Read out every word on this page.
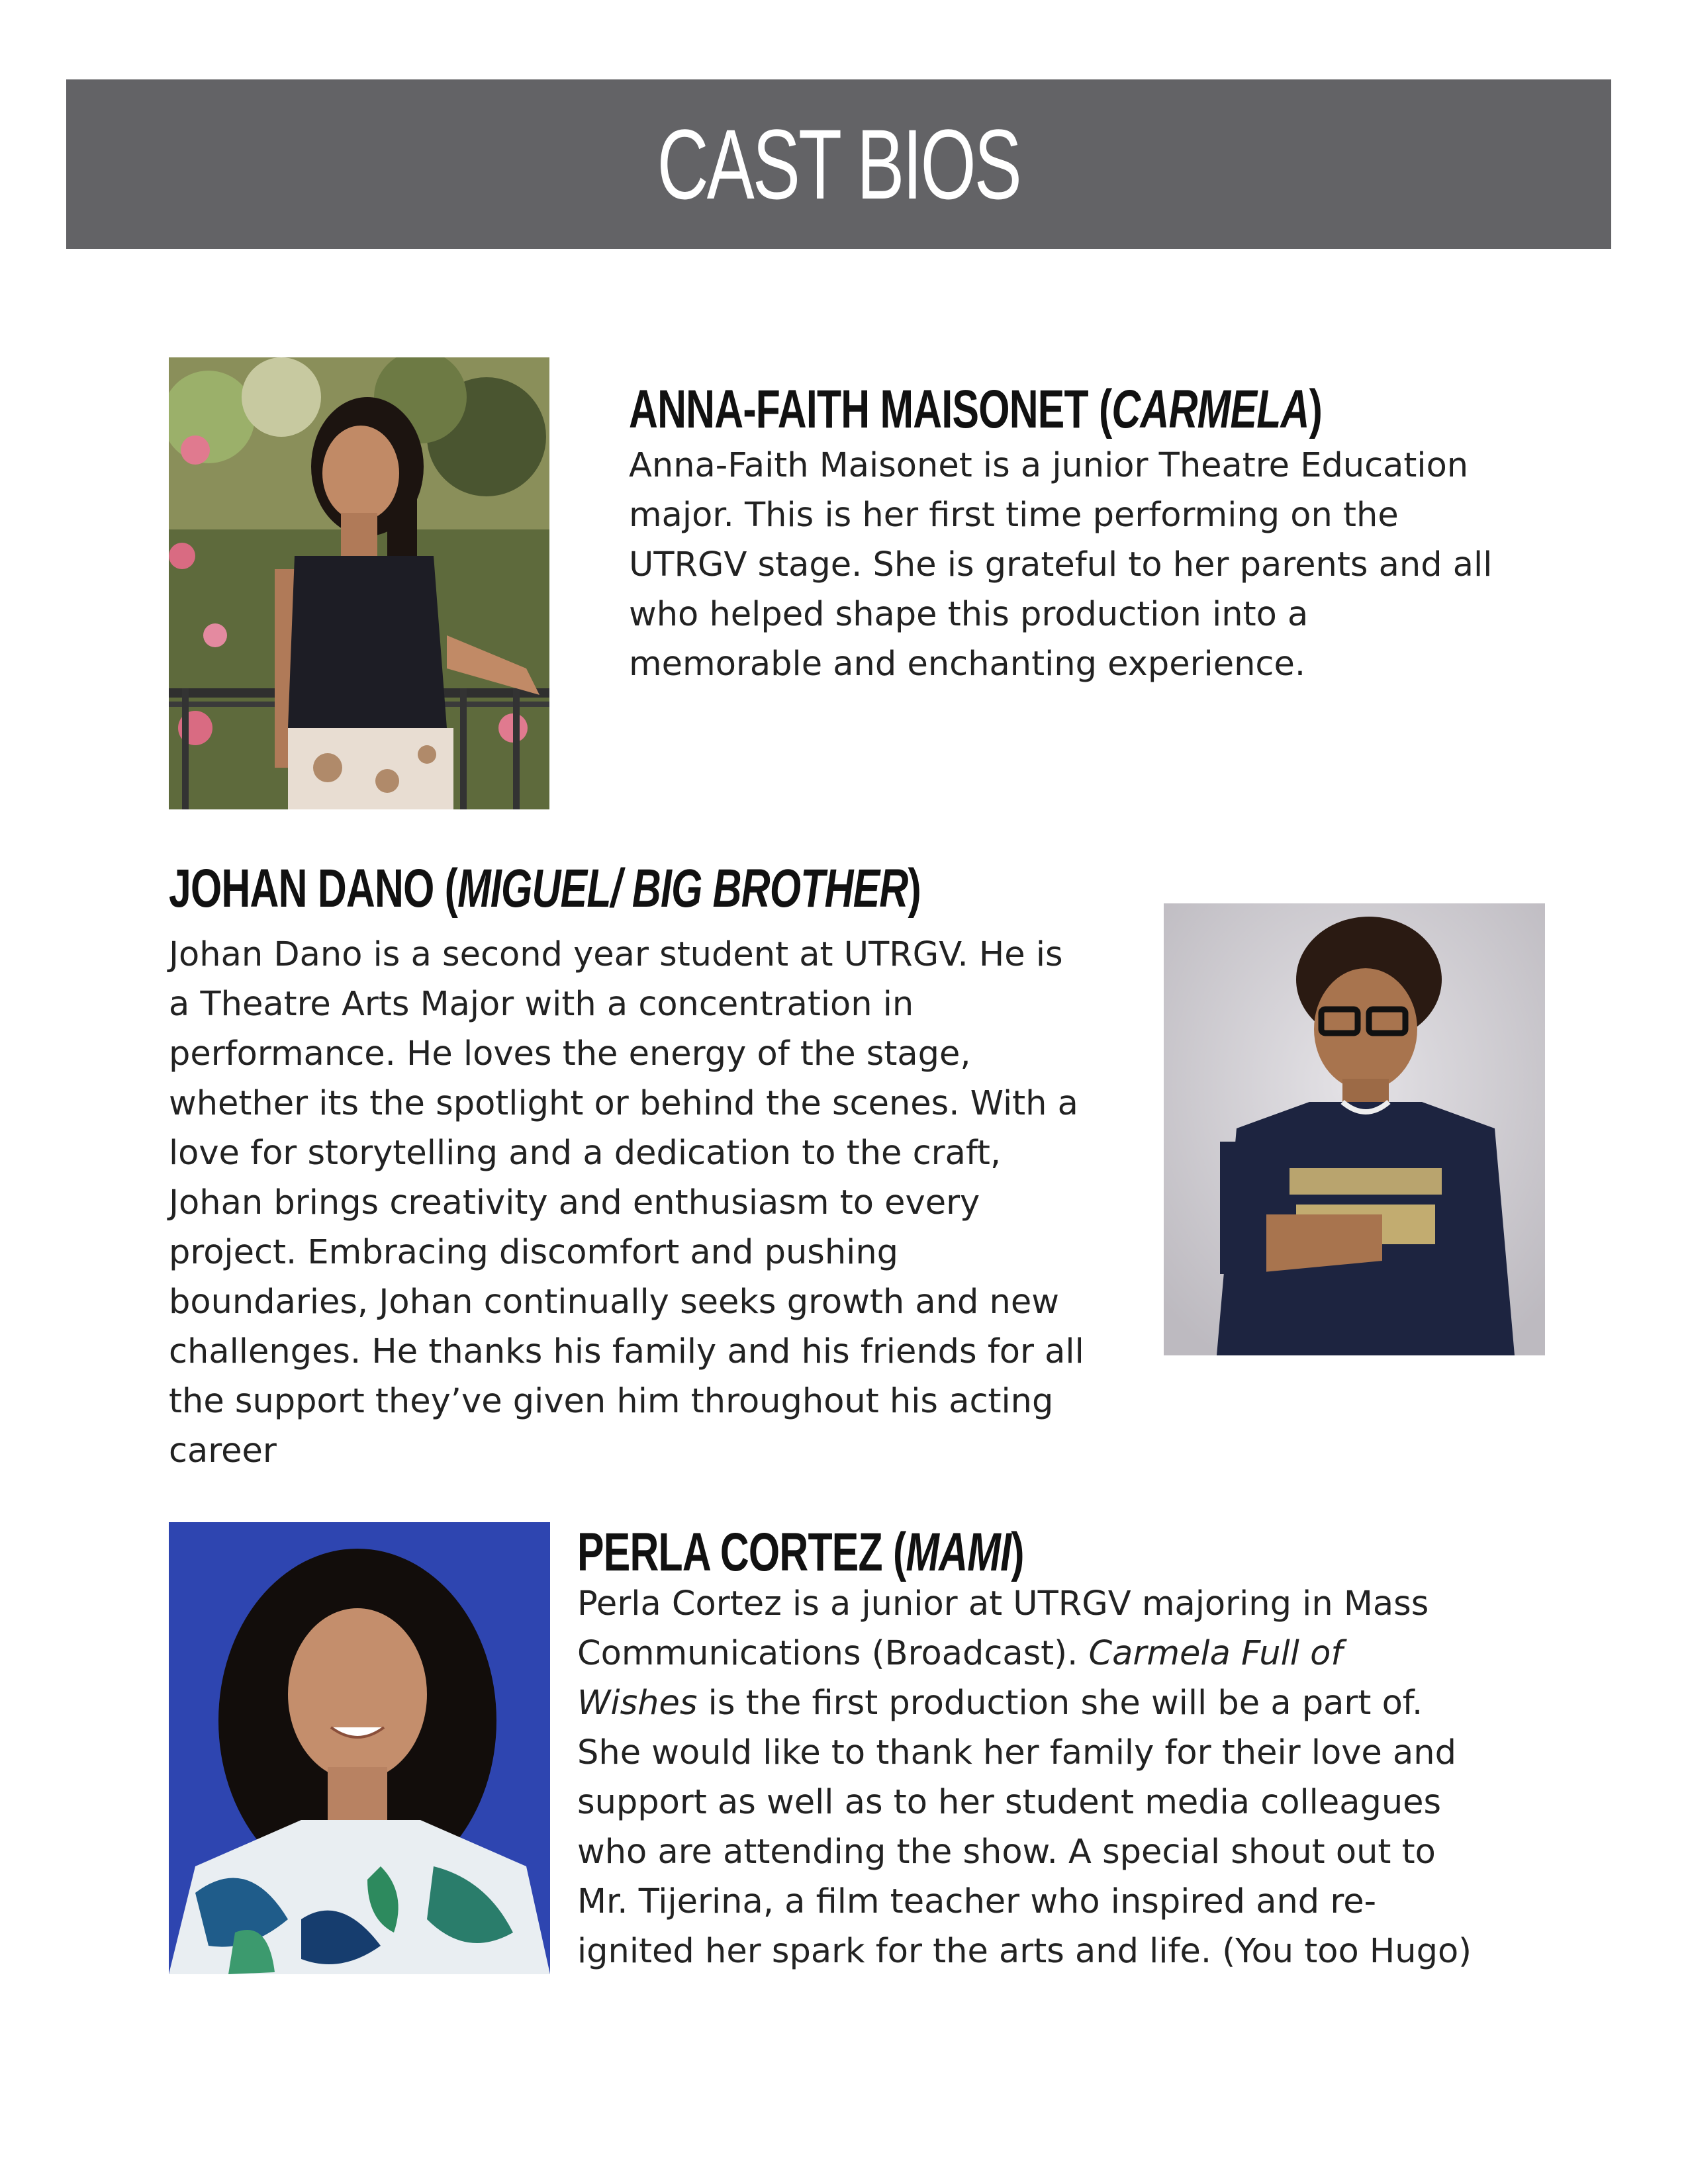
CAST BIOS
ANNA-FAITH MAISONET (CARMELA)

Anna-Faith Maisonet is a junior Theatre Education
major. This is her first time performing on the
UTRGV stage. She is grateful to her parents and all
who helped shape this production into a
memorable and enchanting experience.

JOHAN DANO (MIGUEL/ BIG BROTHER)

Johan Dano is a second year student at UTRGV. He is
a Theatre Arts Major with a concentration in
performance. He loves the energy of the stage,
whether its the spotlight or behind the scenes. With a
love for storytelling and a dedication to the craft,
Johan brings creativity and enthusiasm to every
project. Embracing discomfort and pushing
boundaries, Johan continually seeks growth and new
challenges. He thanks his family and his friends for all
the support they’ve given him throughout his acting
career

PERLA CORTEZ (MAMI)

Perla Cortez is a junior at UTRGV majoring in Mass
Communications (Broadcast). Carmela Full of
Wishes is the first production she will be a part of.
She would like to thank her family for their love and
support as well as to her student media colleagues
who are attending the show. A special shout out to
Mr. Tijerina, a film teacher who inspired and re-
ignited her spark for the arts and life. (You too Hugo)
